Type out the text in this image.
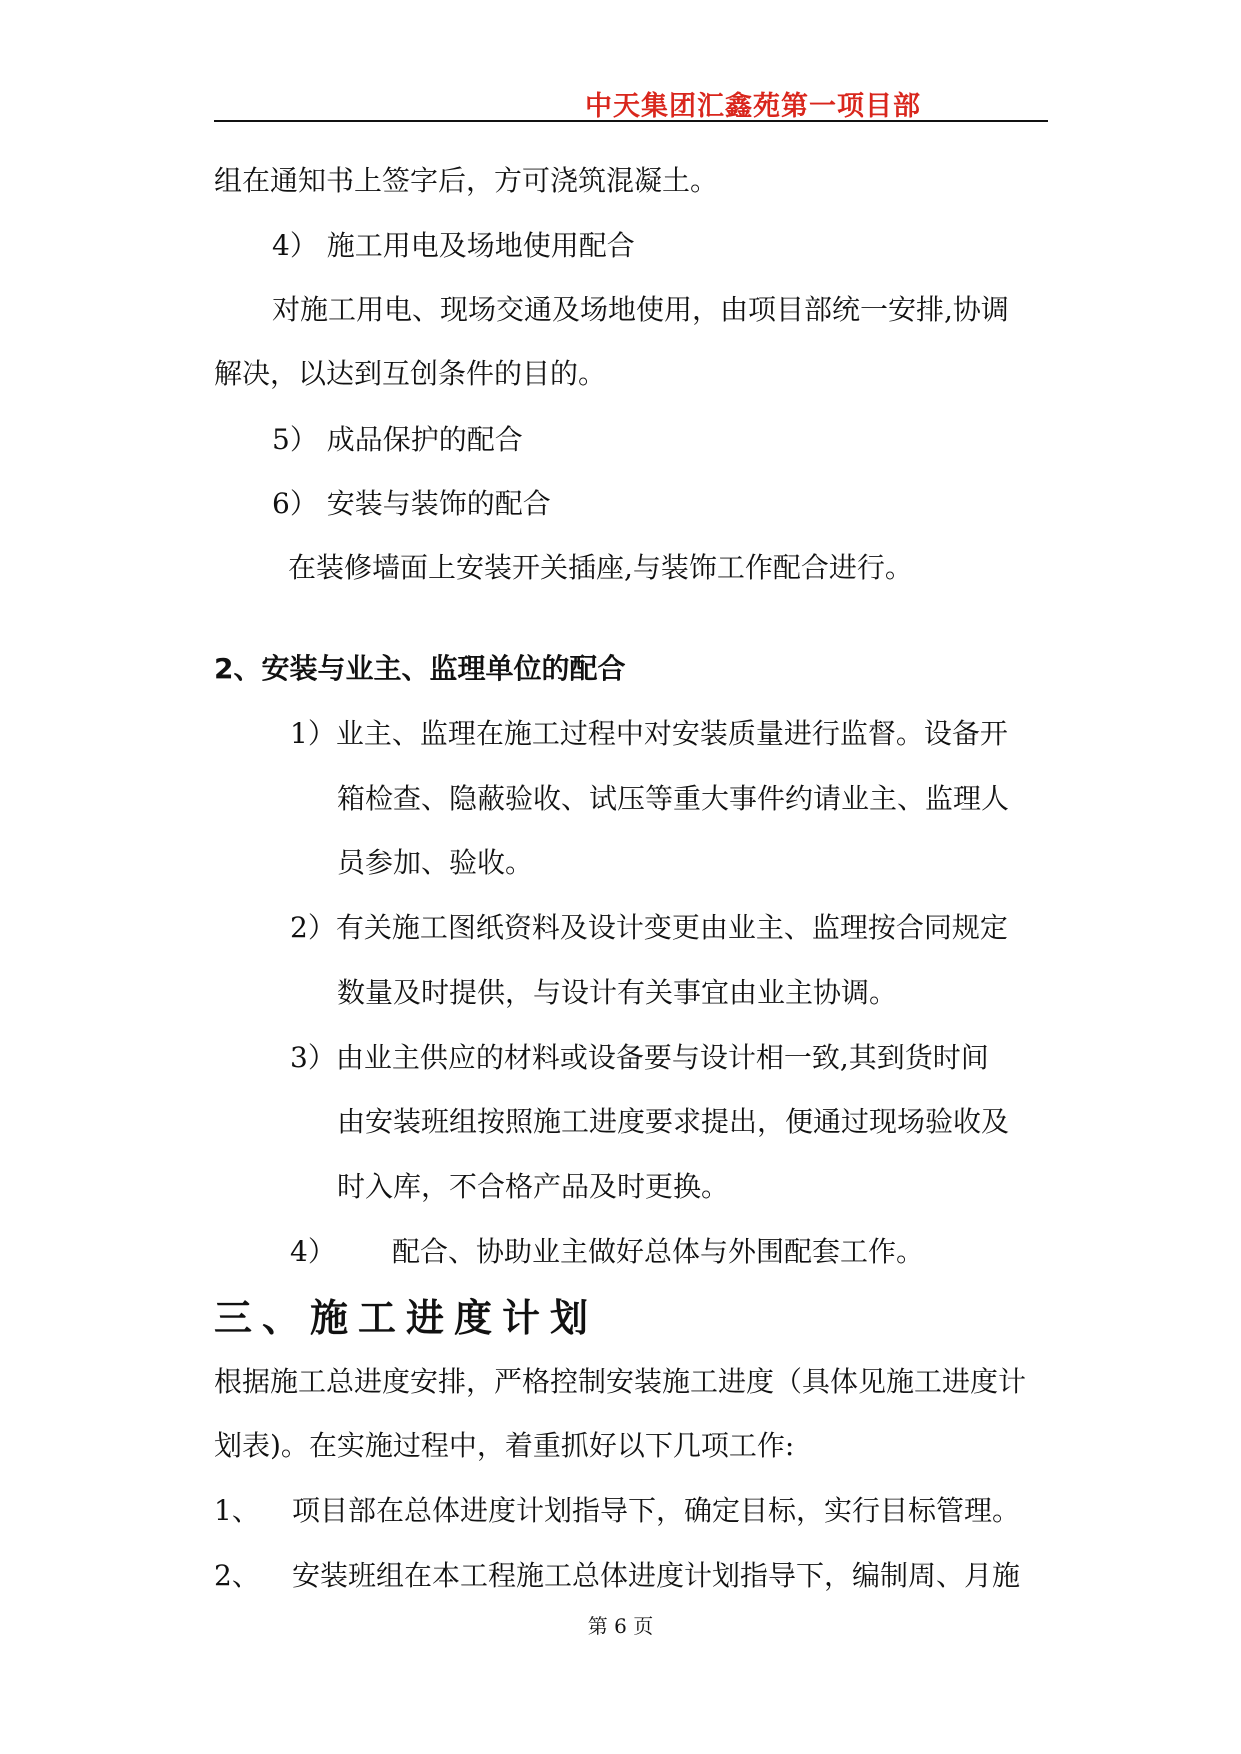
中天集团汇鑫苑第一项目部
组在通知书上签字后，方可浇筑混凝土。
4） 施工用电及场地使用配合
对施工用电、现场交通及场地使用，由项目部统一安排,协调
解决，以达到互创条件的目的。
5） 成品保护的配合
6） 安装与装饰的配合
在装修墙面上安装开关插座,与装饰工作配合进行。
2、安装与业主、监理单位的配合
1）业主、监理在施工过程中对安装质量进行监督。设备开
箱检查、隐蔽验收、试压等重大事件约请业主、监理人
员参加、验收。
2）有关施工图纸资料及设计变更由业主、监理按合同规定
数量及时提供，与设计有关事宜由业主协调。
3）由业主供应的材料或设备要与设计相一致,其到货时间
由安装班组按照施工进度要求提出，便通过现场验收及
时入库，不合格产品及时更换。
4） 配合、协助业主做好总体与外围配套工作。
三、施工进度计划
根据施工总进度安排，严格控制安装施工进度（具体见施工进度计
划表)。在实施过程中，着重抓好以下几项工作:
1、 项目部在总体进度计划指导下，确定目标，实行目标管理。
2、 安装班组在本工程施工总体进度计划指导下，编制周、月施
第 6 页
